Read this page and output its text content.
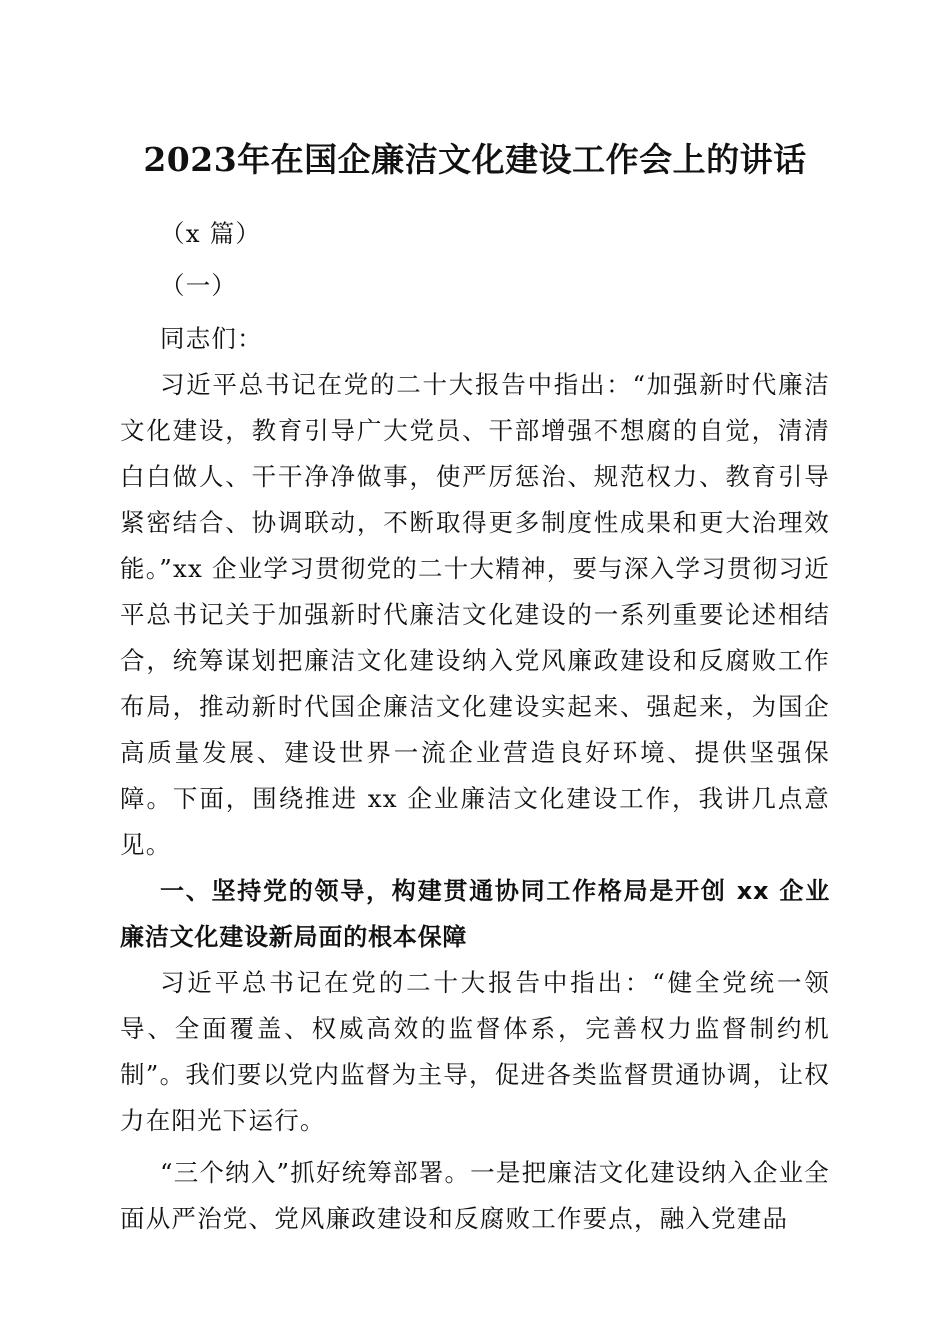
2023年在国企廉洁文化建设工作会上的讲话

（x 篇）

（一）

同志们：

习近平总书记在党的二十大报告中指出：“加强新时代廉洁文化建设，教育引导广大党员、干部增强不想腐的自觉，清清白白做人、干干净净做事，使严厉惩治、规范权力、教育引导紧密结合、协调联动，不断取得更多制度性成果和更大治理效能。”xx 企业学习贯彻党的二十大精神，要与深入学习贯彻习近平总书记关于加强新时代廉洁文化建设的一系列重要论述相结合，统筹谋划把廉洁文化建设纳入党风廉政建设和反腐败工作布局，推动新时代国企廉洁文化建设实起来、强起来，为国企高质量发展、建设世界一流企业营造良好环境、提供坚强保障。下面，围绕推进 xx 企业廉洁文化建设工作，我讲几点意见。

一、坚持党的领导，构建贯通协同工作格局是开创 xx 企业廉洁文化建设新局面的根本保障

习近平总书记在党的二十大报告中指出：“健全党统一领导、全面覆盖、权威高效的监督体系，完善权力监督制约机制”。我们要以党内监督为主导，促进各类监督贯通协调，让权力在阳光下运行。

“三个纳入”抓好统筹部署。一是把廉洁文化建设纳入企业全面从严治党、党风廉政建设和反腐败工作要点，融入党建品
